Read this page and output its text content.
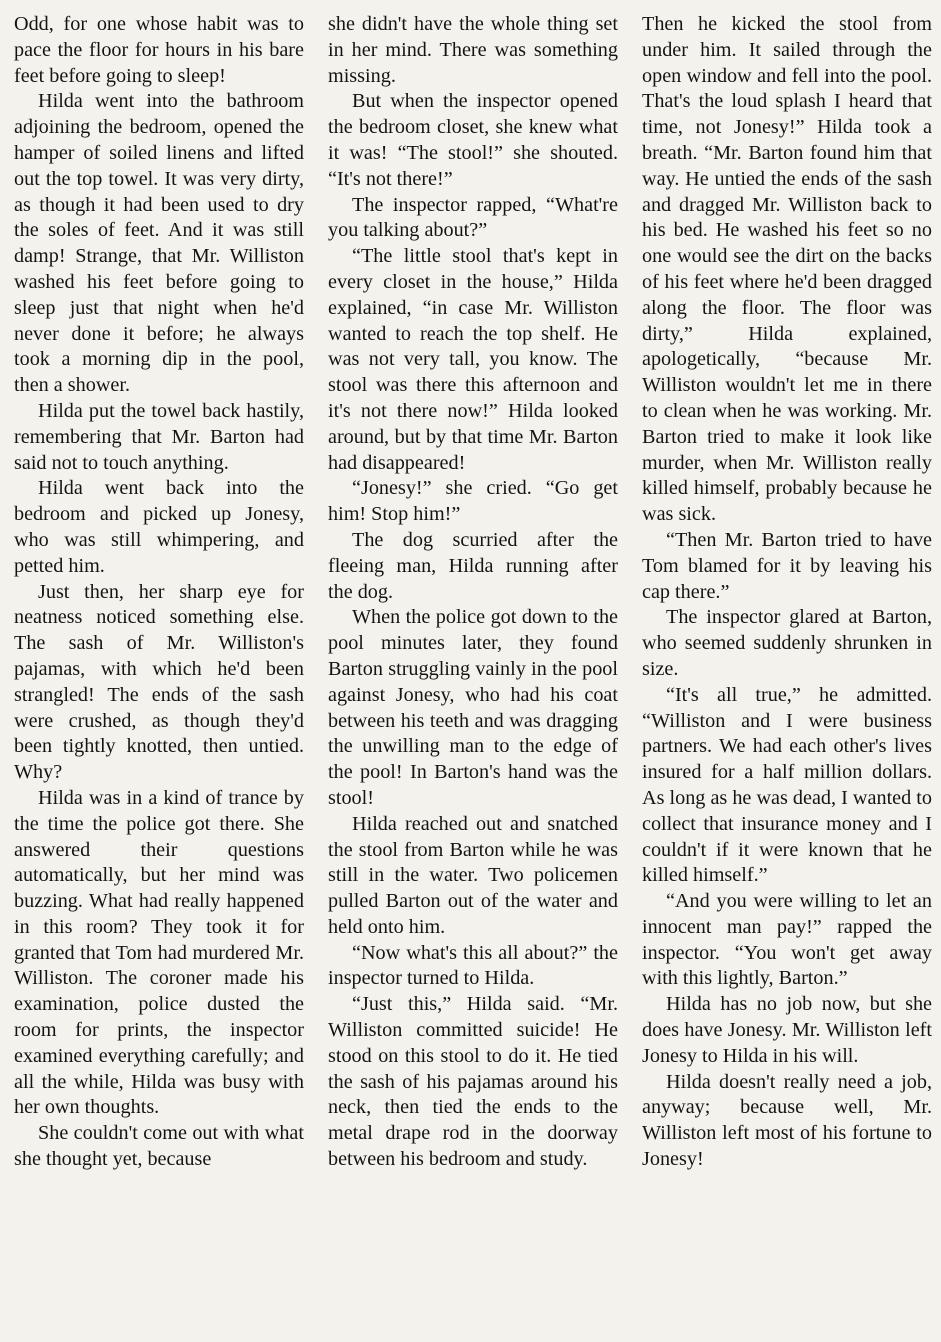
Odd, for one whose habit was to pace the floor for hours in his bare feet before going to sleep!

Hilda went into the bathroom adjoining the bedroom, opened the hamper of soiled linens and lifted out the top towel. It was very dirty, as though it had been used to dry the soles of feet. And it was still damp! Strange, that Mr. Williston washed his feet before going to sleep just that night when he'd never done it before; he always took a morning dip in the pool, then a shower.

Hilda put the towel back hastily, remembering that Mr. Barton had said not to touch anything.

Hilda went back into the bedroom and picked up Jonesy, who was still whimpering, and petted him.

Just then, her sharp eye for neatness noticed something else. The sash of Mr. Williston's pajamas, with which he'd been strangled! The ends of the sash were crushed, as though they'd been tightly knotted, then untied. Why?

Hilda was in a kind of trance by the time the police got there. She answered their questions automatically, but her mind was buzzing. What had really happened in this room? They took it for granted that Tom had murdered Mr. Williston. The coroner made his examination, police dusted the room for prints, the inspector examined everything carefully; and all the while, Hilda was busy with her own thoughts.

She couldn't come out with what she thought yet, because

she didn't have the whole thing set in her mind. There was something missing.

But when the inspector opened the bedroom closet, she knew what it was! “The stool!” she shouted. “It's not there!”

The inspector rapped, “What're you talking about?”

“The little stool that's kept in every closet in the house,” Hilda explained, “in case Mr. Williston wanted to reach the top shelf. He was not very tall, you know. The stool was there this afternoon and it's not there now!” Hilda looked around, but by that time Mr. Barton had disappeared!

“Jonesy!” she cried. “Go get him! Stop him!”

The dog scurried after the fleeing man, Hilda running after the dog.

When the police got down to the pool minutes later, they found Barton struggling vainly in the pool against Jonesy, who had his coat between his teeth and was dragging the unwilling man to the edge of the pool! In Barton's hand was the stool!

Hilda reached out and snatched the stool from Barton while he was still in the water. Two policemen pulled Barton out of the water and held onto him.

“Now what's this all about?” the inspector turned to Hilda.

“Just this,” Hilda said. “Mr. Williston committed suicide! He stood on this stool to do it. He tied the sash of his pajamas around his neck, then tied the ends to the metal drape rod in the doorway between his bedroom and study.

Then he kicked the stool from under him. It sailed through the open window and fell into the pool. That's the loud splash I heard that time, not Jonesy!” Hilda took a breath. “Mr. Barton found him that way. He untied the ends of the sash and dragged Mr. Williston back to his bed. He washed his feet so no one would see the dirt on the backs of his feet where he'd been dragged along the floor. The floor was dirty,” Hilda explained, apologetically, “because Mr. Williston wouldn't let me in there to clean when he was working. Mr. Barton tried to make it look like murder, when Mr. Williston really killed himself, probably because he was sick.

“Then Mr. Barton tried to have Tom blamed for it by leaving his cap there.”

The inspector glared at Barton, who seemed suddenly shrunken in size.

“It's all true,” he admitted. “Williston and I were business partners. We had each other's lives insured for a half million dollars. As long as he was dead, I wanted to collect that insurance money and I couldn't if it were known that he killed himself.”

“And you were willing to let an innocent man pay!” rapped the inspector. “You won't get away with this lightly, Barton.”

Hilda has no job now, but she does have Jonesy. Mr. Williston left Jonesy to Hilda in his will.

Hilda doesn't really need a job, anyway; because well, Mr. Williston left most of his fortune to Jonesy!
